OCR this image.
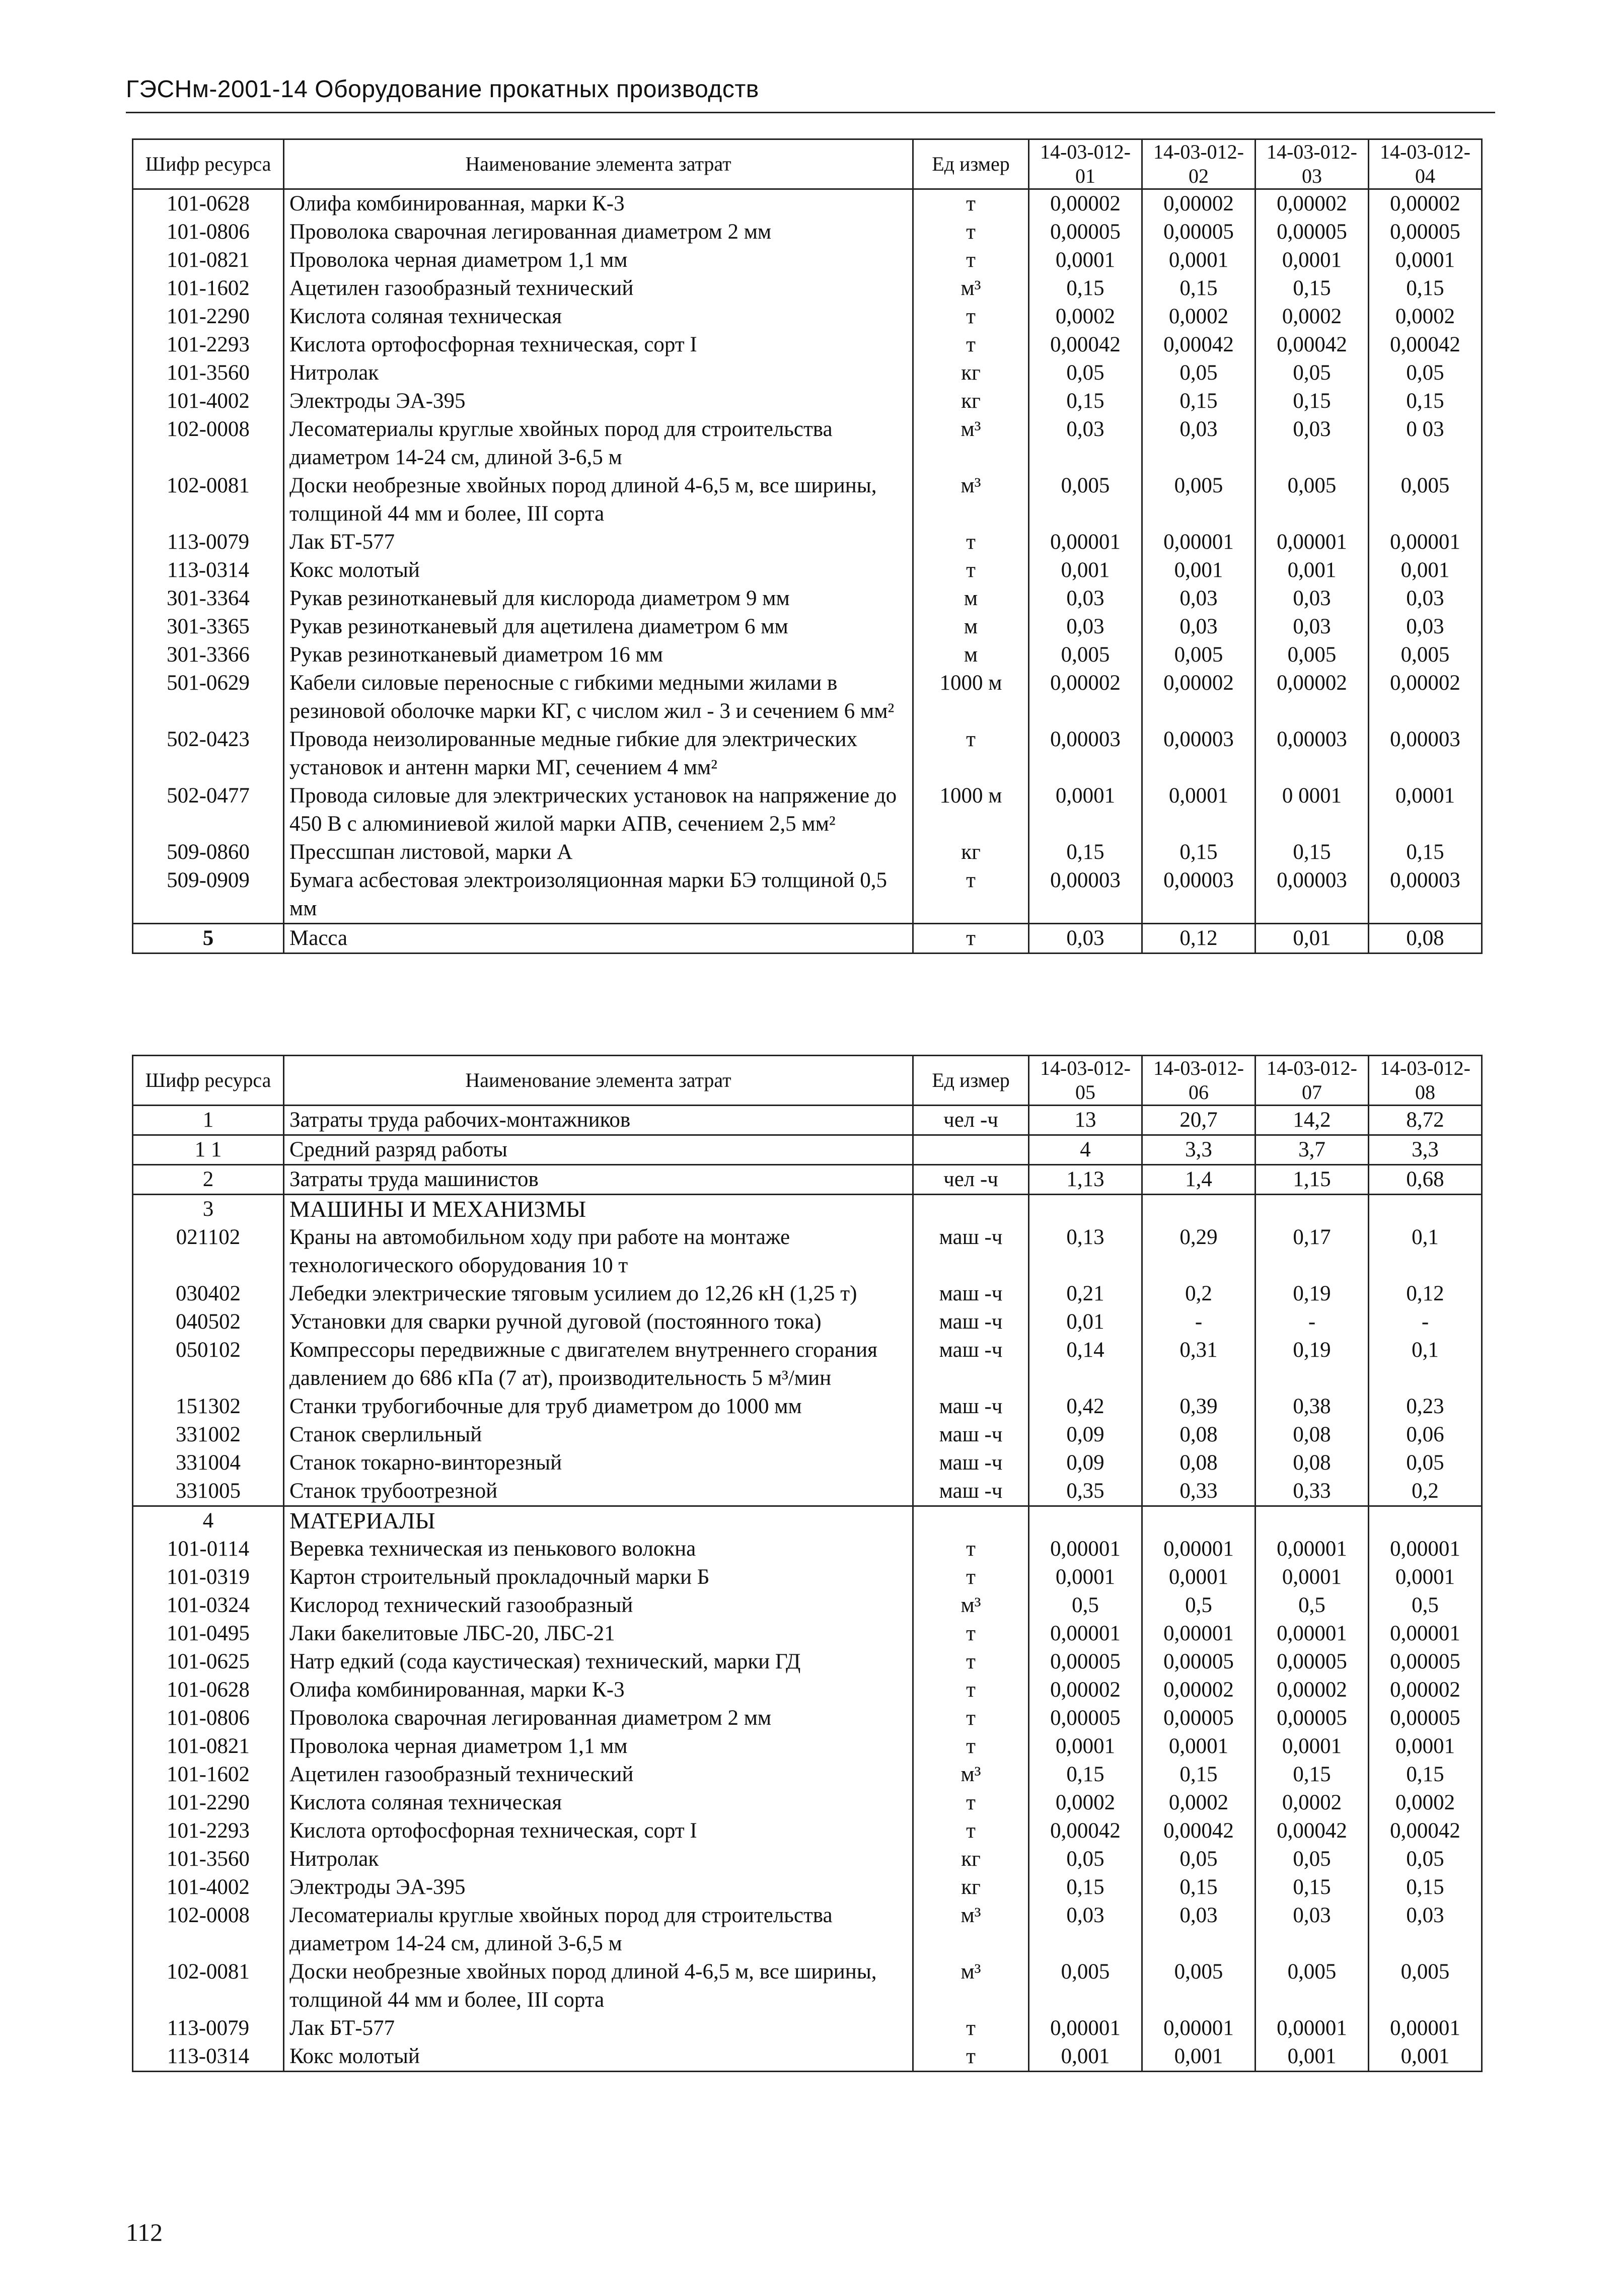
ГЭСНм-2001-14 Оборудование прокатных производств
Шифр ресурса	Наименование элемента затрат	Ед измер	14-03-012-01	14-03-012-02	14-03-012-03	14-03-012-04
101-0628	Олифа комбинированная, марки К-3	т	0,00002	0,00002	0,00002	0,00002
101-0806	Проволока сварочная легированная диаметром 2 мм	т	0,00005	0,00005	0,00005	0,00005
101-0821	Проволока черная диаметром 1,1 мм	т	0,0001	0,0001	0,0001	0,0001
101-1602	Ацетилен газообразный технический	м³	0,15	0,15	0,15	0,15
101-2290	Кислота соляная техническая	т	0,0002	0,0002	0,0002	0,0002
101-2293	Кислота ортофосфорная техническая, сорт I	т	0,00042	0,00042	0,00042	0,00042
101-3560	Нитролак	кг	0,05	0,05	0,05	0,05
101-4002	Электроды ЭА-395	кг	0,15	0,15	0,15	0,15
102-0008	Лесоматериалы круглые хвойных пород для строительства диаметром 14-24 см, длиной 3-6,5 м	м³	0,03	0,03	0,03	0 03
102-0081	Доски необрезные хвойных пород длиной 4-6,5 м, все ширины, толщиной 44 мм и более, III сорта	м³	0,005	0,005	0,005	0,005
113-0079	Лак БТ-577	т	0,00001	0,00001	0,00001	0,00001
113-0314	Кокс молотый	т	0,001	0,001	0,001	0,001
301-3364	Рукав резинотканевый для кислорода диаметром 9 мм	м	0,03	0,03	0,03	0,03
301-3365	Рукав резинотканевый для ацетилена диаметром 6 мм	м	0,03	0,03	0,03	0,03
301-3366	Рукав резинотканевый диаметром 16 мм	м	0,005	0,005	0,005	0,005
501-0629	Кабели силовые переносные с гибкими медными жилами в резиновой оболочке марки КГ, с числом жил - 3 и сечением 6 мм²	1000 м	0,00002	0,00002	0,00002	0,00002
502-0423	Провода неизолированные медные гибкие для электрических установок и антенн марки МГ, сечением 4 мм²	т	0,00003	0,00003	0,00003	0,00003
502-0477	Провода силовые для электрических установок на напряжение до 450 В с алюминиевой жилой марки АПВ, сечением 2,5 мм²	1000 м	0,0001	0,0001	0 0001	0,0001
509-0860	Прессшпан листовой, марки А	кг	0,15	0,15	0,15	0,15
509-0909	Бумага асбестовая электроизоляционная марки БЭ толщиной 0,5 мм	т	0,00003	0,00003	0,00003	0,00003
5	Масса	т	0,03	0,12	0,01	0,08
Шифр ресурса	Наименование элемента затрат	Ед измер	14-03-012-05	14-03-012-06	14-03-012-07	14-03-012-08
1	Затраты труда рабочих-монтажников	чел -ч	13	20,7	14,2	8,72
1 1	Средний разряд работы		4	3,3	3,7	3,3
2	Затраты труда машинистов	чел -ч	1,13	1,4	1,15	0,68
3	МАШИНЫ И МЕХАНИЗМЫ					
021102	Краны на автомобильном ходу при работе на монтаже технологического оборудования 10 т	маш -ч	0,13	0,29	0,17	0,1
030402	Лебедки электрические тяговым усилием до 12,26 кН (1,25 т)	маш -ч	0,21	0,2	0,19	0,12
040502	Установки для сварки ручной дуговой (постоянного тока)	маш -ч	0,01	-	-	-
050102	Компрессоры передвижные с двигателем внутреннего сгорания давлением до 686 кПа (7 ат), производительность 5 м³/мин	маш -ч	0,14	0,31	0,19	0,1
151302	Станки трубогибочные для труб диаметром до 1000 мм	маш -ч	0,42	0,39	0,38	0,23
331002	Станок сверлильный	маш -ч	0,09	0,08	0,08	0,06
331004	Станок токарно-винторезный	маш -ч	0,09	0,08	0,08	0,05
331005	Станок трубоотрезной	маш -ч	0,35	0,33	0,33	0,2
4	МАТЕРИАЛЫ					
101-0114	Веревка техническая из пенькового волокна	т	0,00001	0,00001	0,00001	0,00001
101-0319	Картон строительный прокладочный марки Б	т	0,0001	0,0001	0,0001	0,0001
101-0324	Кислород технический газообразный	м³	0,5	0,5	0,5	0,5
101-0495	Лаки бакелитовые ЛБС-20, ЛБС-21	т	0,00001	0,00001	0,00001	0,00001
101-0625	Натр едкий (сода каустическая) технический, марки ГД	т	0,00005	0,00005	0,00005	0,00005
101-0628	Олифа комбинированная, марки К-3	т	0,00002	0,00002	0,00002	0,00002
101-0806	Проволока сварочная легированная диаметром 2 мм	т	0,00005	0,00005	0,00005	0,00005
101-0821	Проволока черная диаметром 1,1 мм	т	0,0001	0,0001	0,0001	0,0001
101-1602	Ацетилен газообразный технический	м³	0,15	0,15	0,15	0,15
101-2290	Кислота соляная техническая	т	0,0002	0,0002	0,0002	0,0002
101-2293	Кислота ортофосфорная техническая, сорт I	т	0,00042	0,00042	0,00042	0,00042
101-3560	Нитролак	кг	0,05	0,05	0,05	0,05
101-4002	Электроды ЭА-395	кг	0,15	0,15	0,15	0,15
102-0008	Лесоматериалы круглые хвойных пород для строительства диаметром 14-24 см, длиной 3-6,5 м	м³	0,03	0,03	0,03	0,03
102-0081	Доски необрезные хвойных пород длиной 4-6,5 м, все ширины, толщиной 44 мм и более, III сорта	м³	0,005	0,005	0,005	0,005
113-0079	Лак БТ-577	т	0,00001	0,00001	0,00001	0,00001
113-0314	Кокс молотый	т	0,001	0,001	0,001	0,001
112
